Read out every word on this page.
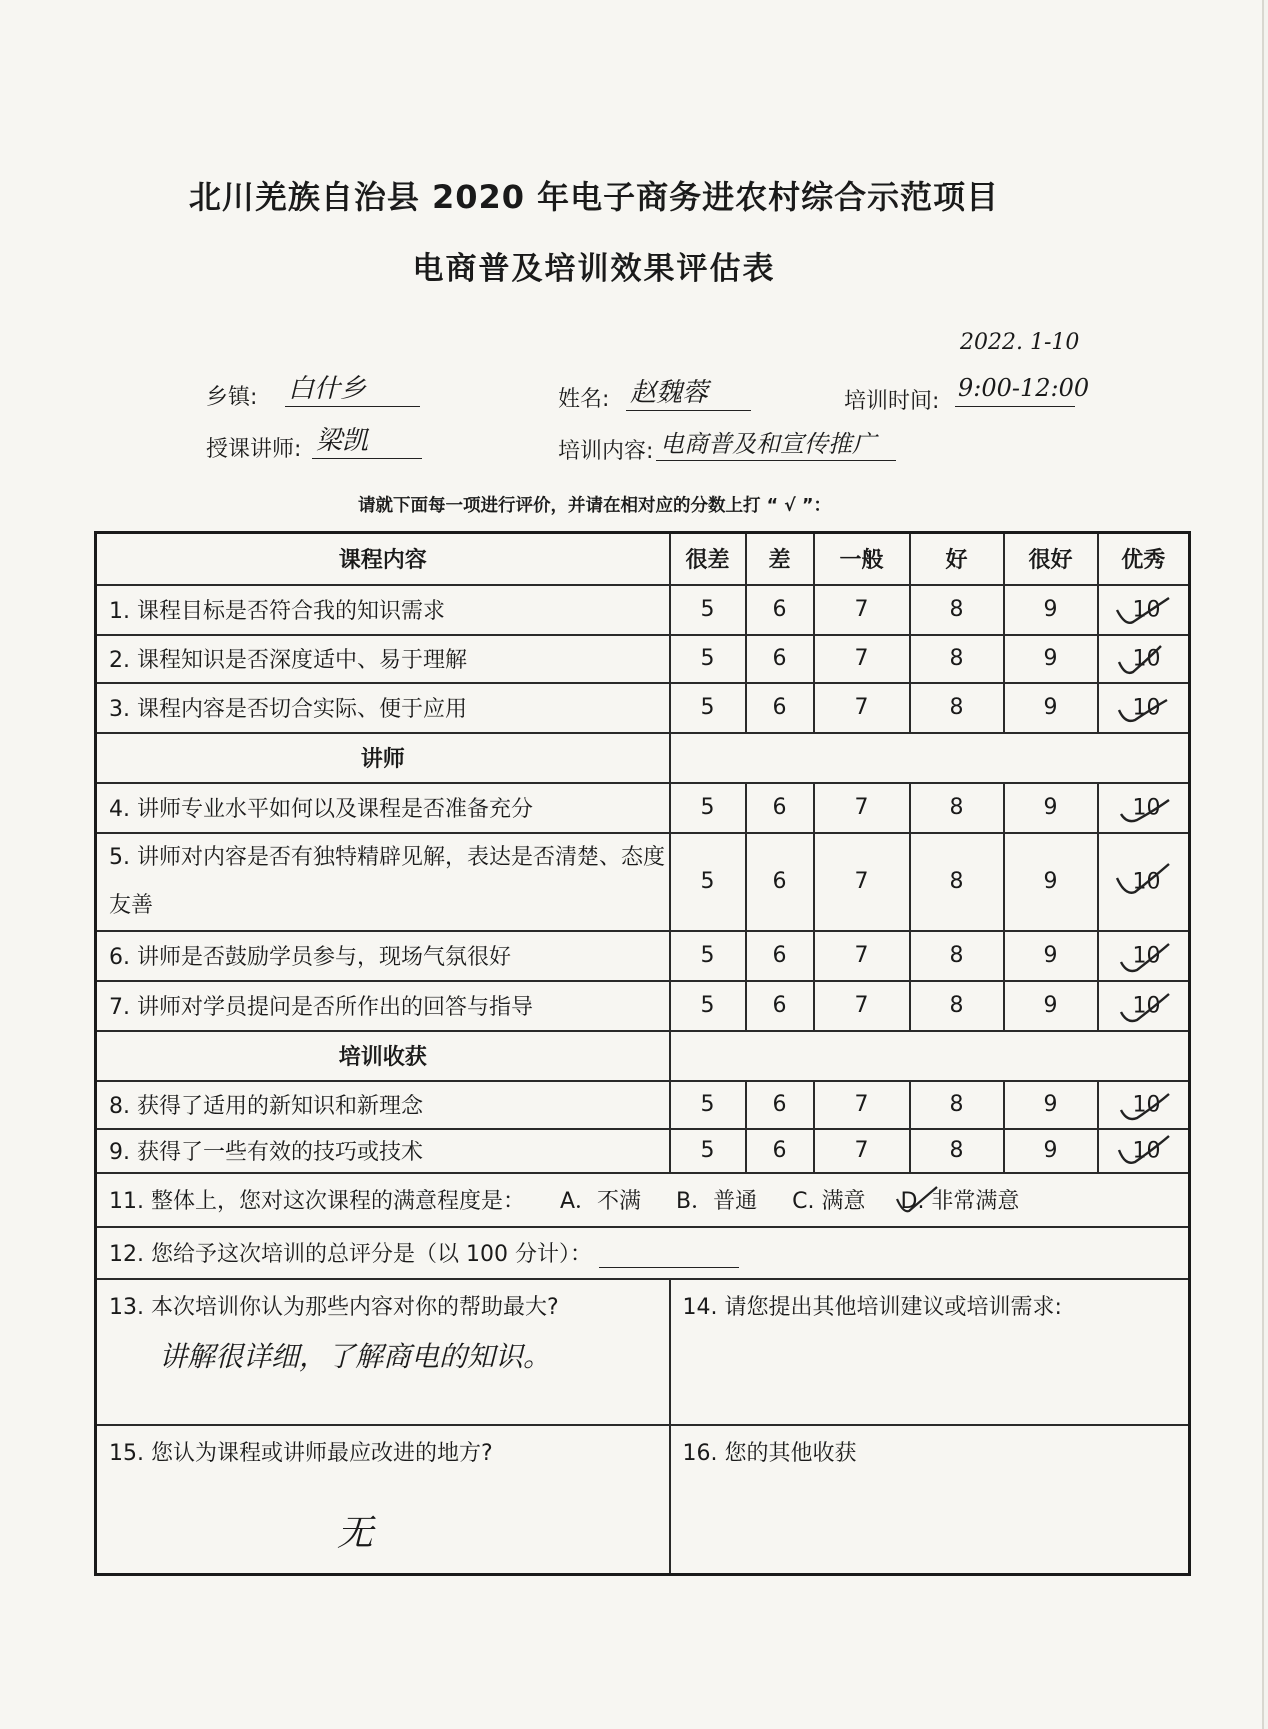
北川羌族自治县 2020 年电子商务进农村综合示范项目
电商普及培训效果评估表
2022. 1-10
乡镇: 白什乡	姓名: 赵魏蓉	培训时间: 9:00-12:00
授课讲师: 梁凯	培训内容: 电商普及和宣传推广
请就下面每一项进行评价，并请在相对应的分数上打 “ √ ”：
课程内容	很差	差	一般	好	很好	优秀
1. 课程目标是否符合我的知识需求	5	6	7	8	9	10

2. 课程知识是否深度适中、易于理解	5	6	7	8	9	10

3. 课程内容是否切合实际、便于应用	5	6	7	8	9	10

讲师						
4. 讲师专业水平如何以及课程是否准备充分	5	6	7	8	9	10

5. 讲师对内容是否有独特精辟见解，表达是否清楚、态度友善	5	6	7	8	9	10

6. 讲师是否鼓励学员参与，现场气氛很好	5	6	7	8	9	10

7. 讲师对学员提问是否所作出的回答与指导	5	6	7	8	9	10

培训收获						
8. 获得了适用的新知识和新理念	5	6	7	8	9	10

9. 获得了一些有效的技巧或技术	5	6	7	8	9	10

11. 整体上，您对这次课程的满意程度是： A．不满 B．普通 C. 满意 D. 非常满意						

12. 您给予这次培训的总评分是（以 100 分计）：						

13. 本次培训你认为那些内容对你的帮助最大?
讲解很详细，了解商电的知识。	14. 请您提出其他培训建议或培训需求:					

15. 您认为课程或讲师最应改进的地方?
无	16. 您的其他收获					
